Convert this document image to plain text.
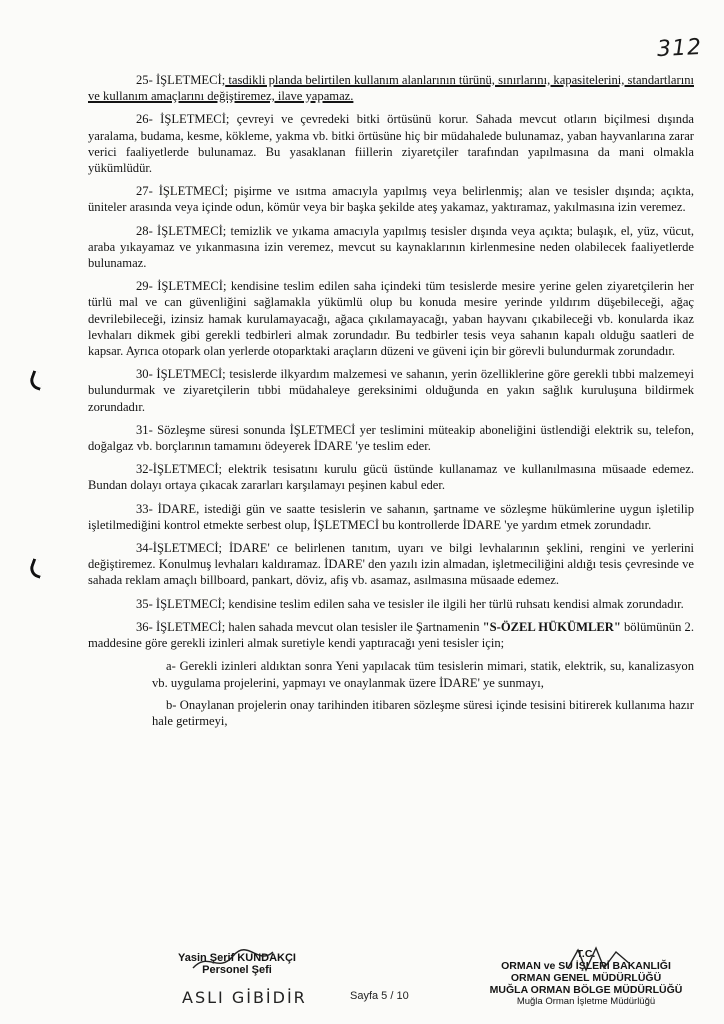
312

25- İŞLETMECİ; tasdikli planda belirtilen kullanım alanlarının türünü, sınırlarını, kapasitelerini, standartlarını ve kullanım amaçlarını değiştiremez, ilave yapamaz.

26- İŞLETMECİ; çevreyi ve çevredeki bitki örtüsünü korur. Sahada mevcut otların biçilmesi dışında yaralama, budama, kesme, kökleme, yakma vb. bitki örtüsüne hiç bir müdahalede bulunamaz, yaban hayvanlarına zarar verici faaliyetlerde bulunamaz. Bu yasaklanan fiillerin ziyaretçiler tarafından yapılmasına da mani olmakla yükümlüdür.

27- İŞLETMECİ; pişirme ve ısıtma amacıyla yapılmış veya belirlenmiş; alan ve tesisler dışında; açıkta, üniteler arasında veya içinde odun, kömür veya bir başka şekilde ateş yakamaz, yaktıramaz, yakılmasına izin veremez.

28- İŞLETMECİ; temizlik ve yıkama amacıyla yapılmış tesisler dışında veya açıkta; bulaşık, el, yüz, vücut, araba yıkayamaz ve yıkanmasına izin veremez, mevcut su kaynaklarının kirlenmesine neden olabilecek faaliyetlerde bulunamaz.

29- İŞLETMECİ; kendisine teslim edilen saha içindeki tüm tesislerde mesire yerine gelen ziyaretçilerin her türlü mal ve can güvenliğini sağlamakla yükümlü olup bu konuda mesire yerinde yıldırım düşebileceği, ağaç devrilebileceği, izinsiz hamak kurulamayacağı, ağaca çıkılamayacağı, yaban hayvanı çıkabileceği vb. konularda ikaz levhaları dikmek gibi gerekli tedbirleri almak zorundadır. Bu tedbirler tesis veya sahanın kapalı olduğu saatleri de kapsar. Ayrıca otopark olan yerlerde otoparktaki araçların düzeni ve güveni için bir görevli bulundurmak zorundadır.

30- İŞLETMECİ; tesislerde ilkyardım malzemesi ve sahanın, yerin özelliklerine göre gerekli tıbbi malzemeyi bulundurmak ve ziyaretçilerin tıbbi müdahaleye gereksinimi olduğunda en yakın sağlık kuruluşuna bildirmek zorundadır.

31- Sözleşme süresi sonunda İŞLETMECİ yer teslimini müteakip aboneliğini üstlendiği elektrik su, telefon, doğalgaz vb. borçlarının tamamını ödeyerek İDARE 'ye teslim eder.

32-İŞLETMECİ; elektrik tesisatını kurulu gücü üstünde kullanamaz ve kullanılmasına müsaade edemez. Bundan dolayı ortaya çıkacak zararları karşılamayı peşinen kabul eder.

33- İDARE, istediği gün ve saatte tesislerin ve sahanın, şartname ve sözleşme hükümlerine uygun işletilip işletilmediğini kontrol etmekte serbest olup, İŞLETMECİ bu kontrollerde İDARE 'ye yardım etmek zorundadır.

34-İŞLETMECİ; İDARE' ce belirlenen tanıtım, uyarı ve bilgi levhalarının şeklini, rengini ve yerlerini değiştiremez. Konulmuş levhaları kaldıramaz. İDARE' den yazılı izin almadan, işletmeciliğini aldığı tesis çevresinde ve sahada reklam amaçlı billboard, pankart, döviz, afiş vb. asamaz, asılmasına müsaade edemez.

35- İŞLETMECİ; kendisine teslim edilen saha ve tesisler ile ilgili her türlü ruhsatı kendisi almak zorundadır.

36- İŞLETMECİ; halen sahada mevcut olan tesisler ile Şartnamenin "S-ÖZEL HÜKÜMLER" bölümünün 2. maddesine göre gerekli izinleri almak suretiyle kendi yaptıracağı yeni tesisler için;

a- Gerekli izinleri aldıktan sonra Yeni yapılacak tüm tesislerin mimari, statik, elektrik, su, kanalizasyon vb. uygulama projelerini, yapmayı ve onaylanmak üzere İDARE' ye sunmayı,

b- Onaylanan projelerin onay tarihinden itibaren sözleşme süresi içinde tesisini bitirerek kullanıma hazır hale getirmeyi,

Yasin Şerif KUNDAKÇI
Personel Şefi
ASLI GİBİDİR	Sayfa 5 / 10
T.C.
ORMAN ve SU İŞLERİ BAKANLIĞI
ORMAN GENEL MÜDÜRLÜĞÜ
MUĞLA ORMAN BÖLGE MÜDÜRLÜĞÜ
Muğla Orman İşletme Müdürlüğü
